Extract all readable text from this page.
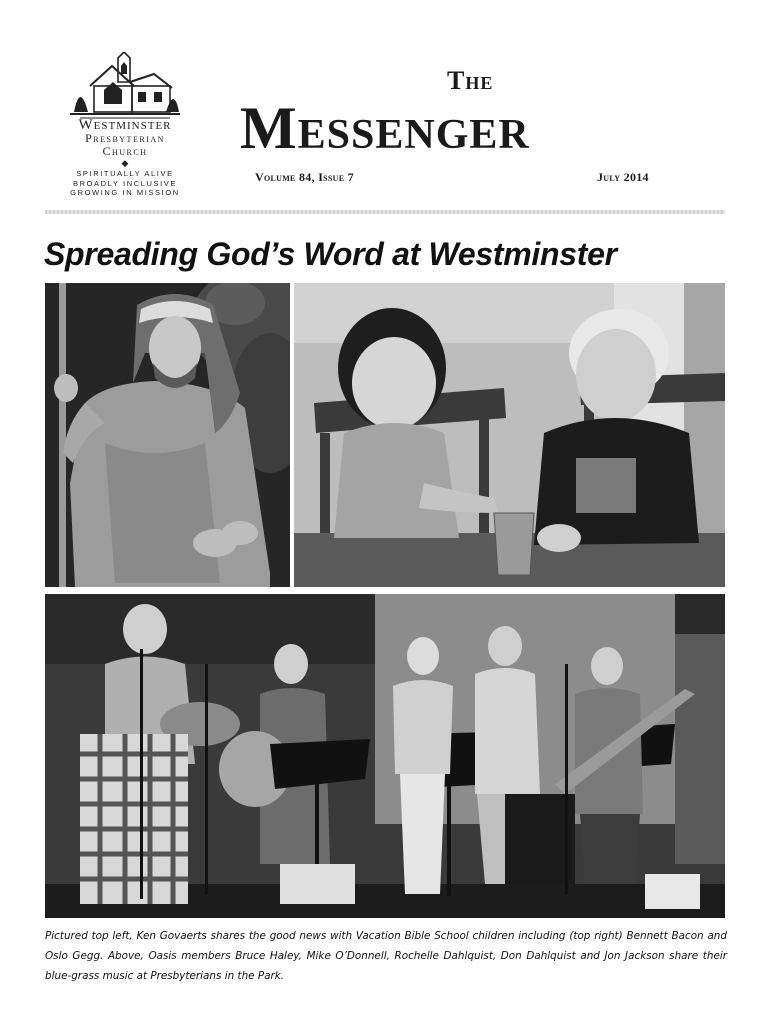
Westminster
Presbyterian
Church
◆
SPIRITUALLY ALIVE
BROADLY INCLUSIVE
GROWING IN MISSION
The
Messenger
Volume 84, Issue 7	July 2014
Spreading God’s Word at Westminster
Pictured top left, Ken Govaerts shares the good news with Vacation Bible School children including (top right) Bennett Bacon and Oslo Gegg. Above, Oasis members Bruce Haley, Mike O’Donnell, Rochelle Dahlquist, Don Dahlquist and Jon Jackson share their blue-grass music at Presbyterians in the Park.
